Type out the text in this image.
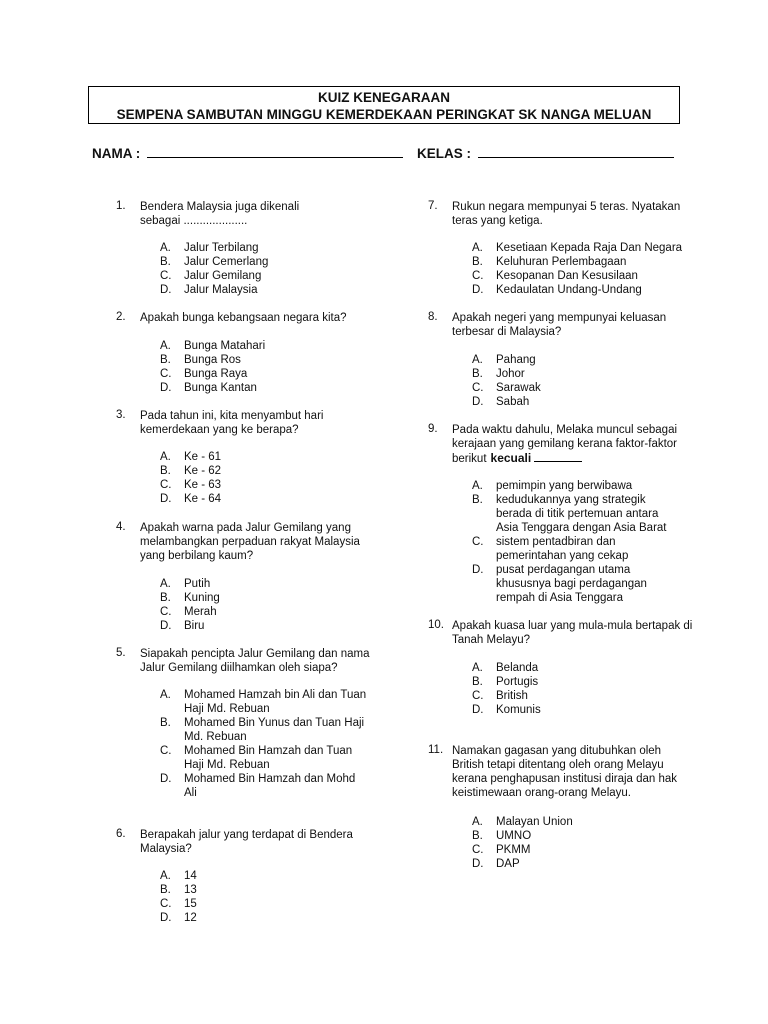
KUIZ KENEGARAAN
SEMPENA SAMBUTAN MINGGU KEMERDEKAAN PERINGKAT SK NANGA MELUAN
NAMA :	KELAS :
1. Bendera Malaysia juga dikenali
sebagai ....................
A. Jalur Terbilang
B. Jalur Cemerlang
C. Jalur Gemilang
D. Jalur Malaysia
2. Apakah bunga kebangsaan negara kita?
A. Bunga Matahari
B. Bunga Ros
C. Bunga Raya
D. Bunga Kantan
3. Pada tahun ini, kita menyambut hari
kemerdekaan yang ke berapa?
A. Ke - 61
B. Ke - 62
C. Ke - 63
D. Ke - 64
4. Apakah warna pada Jalur Gemilang yang
melambangkan perpaduan rakyat Malaysia
yang berbilang kaum?
A. Putih
B. Kuning
C. Merah
D. Biru
5. Siapakah pencipta Jalur Gemilang dan nama
Jalur Gemilang diilhamkan oleh siapa?
A. Mohamed Hamzah bin Ali dan Tuan
Haji Md. Rebuan
B. Mohamed Bin Yunus dan Tuan Haji
Md. Rebuan
C. Mohamed Bin Hamzah dan Tuan
Haji Md. Rebuan
D. Mohamed Bin Hamzah dan Mohd
Ali
6. Berapakah jalur yang terdapat di Bendera
Malaysia?
A. 14
B. 13
C. 15
D. 12
7. Rukun negara mempunyai 5 teras. Nyatakan
teras yang ketiga.
A. Kesetiaan Kepada Raja Dan Negara
B. Keluhuran Perlembagaan
C. Kesopanan Dan Kesusilaan
D. Kedaulatan Undang-Undang
8. Apakah negeri yang mempunyai keluasan
terbesar di Malaysia?
A. Pahang
B. Johor
C. Sarawak
D. Sabah
9. Pada waktu dahulu, Melaka muncul sebagai
kerajaan yang gemilang kerana faktor-faktor
berikut kecuali
A. pemimpin yang berwibawa
B. kedudukannya yang strategik
berada di titik pertemuan antara
Asia Tenggara dengan Asia Barat
C. sistem pentadbiran dan
pemerintahan yang cekap
D. pusat perdagangan utama
khususnya bagi perdagangan
rempah di Asia Tenggara
10. Apakah kuasa luar yang mula-mula bertapak di
Tanah Melayu?
A. Belanda
B. Portugis
C. British
D. Komunis
11. Namakan gagasan yang ditubuhkan oleh
British tetapi ditentang oleh orang Melayu
kerana penghapusan institusi diraja dan hak
keistimewaan orang-orang Melayu.
A. Malayan Union
B. UMNO
C. PKMM
D. DAP
